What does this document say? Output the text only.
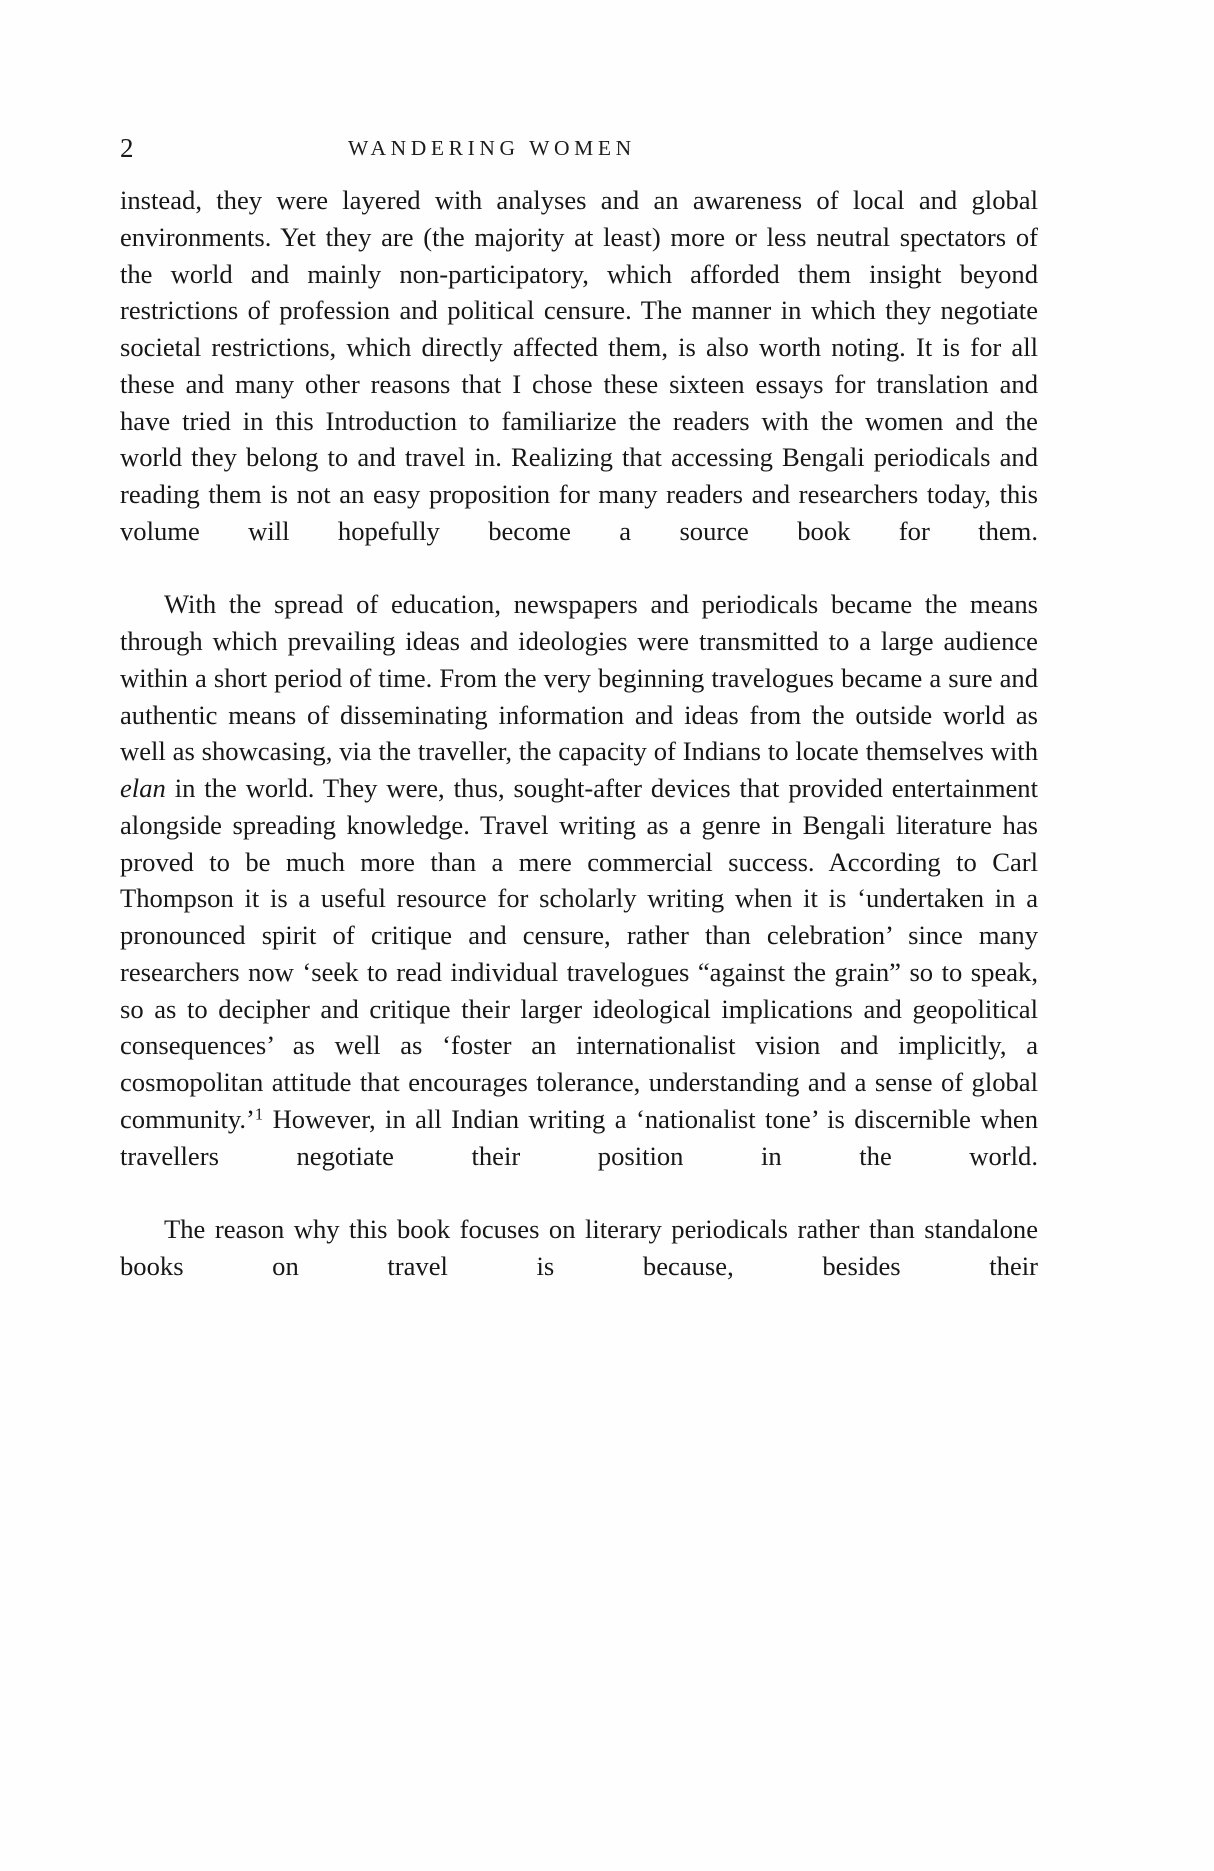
2	WANDERING WOMEN

instead, they were layered with analyses and an awareness of local and global environments. Yet they are (the majority at least) more or less neutral spectators of the world and mainly non-participatory, which afforded them insight beyond restrictions of profession and political censure. The manner in which they negotiate societal restrictions, which directly affected them, is also worth noting. It is for all these and many other reasons that I chose these sixteen essays for translation and have tried in this Introduction to familiarize the readers with the women and the world they belong to and travel in. Realizing that accessing Bengali periodicals and reading them is not an easy proposition for many readers and researchers today, this volume will hopefully become a source book for them.

With the spread of education, newspapers and periodicals became the means through which prevailing ideas and ideologies were transmitted to a large audience within a short period of time. From the very beginning travelogues became a sure and authentic means of disseminating information and ideas from the outside world as well as showcasing, via the traveller, the capacity of Indians to locate themselves with elan in the world. They were, thus, sought-after devices that provided entertainment alongside spreading knowledge. Travel writing as a genre in Bengali literature has proved to be much more than a mere commercial success. According to Carl Thompson it is a useful resource for scholarly writing when it is ‘undertaken in a pronounced spirit of critique and censure, rather than celebration’ since many researchers now ‘seek to read individual travelogues “against the grain” so to speak, so as to decipher and critique their larger ideological implications and geopolitical consequences’ as well as ‘foster an internationalist vision and implicitly, a cosmopolitan attitude that encourages tolerance, understanding and a sense of global community.’$^1$ However, in all Indian writing a ‘nationalist tone’ is discernible when travellers negotiate their position in the world.

The reason why this book focuses on literary periodicals rather than standalone books on travel is because, besides their
